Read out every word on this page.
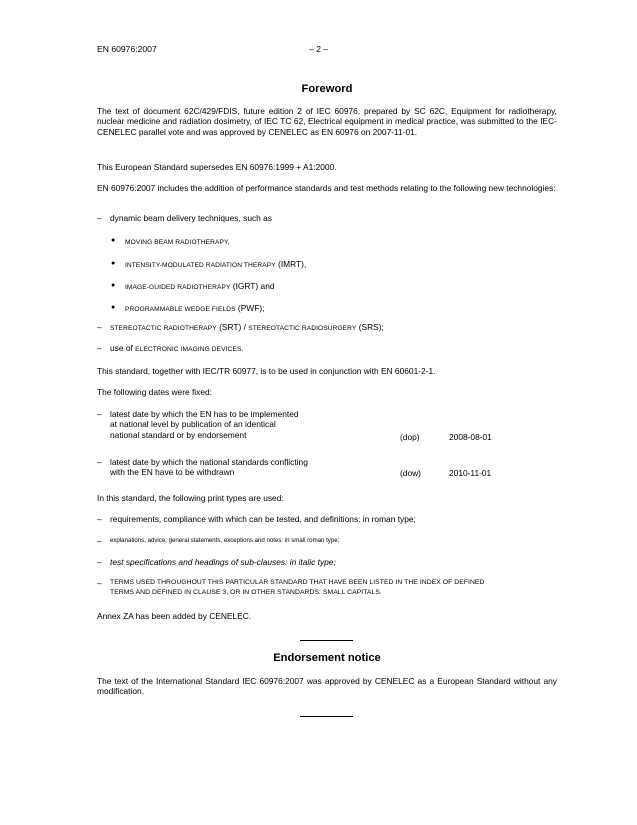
EN 60976:2007	– 2 –
Foreword
The text of document 62C/429/FDIS, future edition 2 of IEC 60976, prepared by SC 62C, Equipment for radiotherapy, nuclear medicine and radiation dosimetry, of IEC TC 62, Electrical equipment in medical practice, was submitted to the IEC-CENELEC parallel vote and was approved by CENELEC as EN 60976 on 2007-11-01.
This European Standard supersedes EN 60976:1999 + A1:2000.
EN 60976:2007 includes the addition of performance standards and test methods relating to the following new technologies:
– dynamic beam delivery techniques, such as
● MOVING BEAM RADIOTHERAPY,
● INTENSITY-MODULATED RADIATION THERAPY (IMRT),
● IMAGE-GUIDED RADIOTHERAPY (IGRT) and
● PROGRAMMABLE WEDGE FIELDS (PWF);
– STEREOTACTIC RADIOTHERAPY (SRT) / STEREOTACTIC RADIOSURGERY (SRS);
– use of ELECTRONIC IMAGING DEVICES.
This standard, together with IEC/TR 60977, is to be used in conjunction with EN 60601-2-1.
The following dates were fixed:
– latest date by which the EN has to be implemented
at national level by publication of an identical
national standard or by endorsement	(dop)	2008-08-01
– latest date by which the national standards conflicting
with the EN have to be withdrawn	(dow)	2010-11-01
In this standard, the following print types are used:
– requirements, compliance with which can be tested, and definitions: in roman type;
– explanations, advice, general statements, exceptions and notes: in small roman type;
– test specifications and headings of sub-clauses: in italic type;
– TERMS USED THROUGHOUT THIS PARTICULAR STANDARD THAT HAVE BEEN LISTED IN THE INDEX OF DEFINED
TERMS AND DEFINED IN CLAUSE 3, OR IN OTHER STANDARDS: SMALL CAPITALS.
Annex ZA has been added by CENELEC.
Endorsement notice
The text of the International Standard IEC 60976:2007 was approved by CENELEC as a European Standard without any modification.
